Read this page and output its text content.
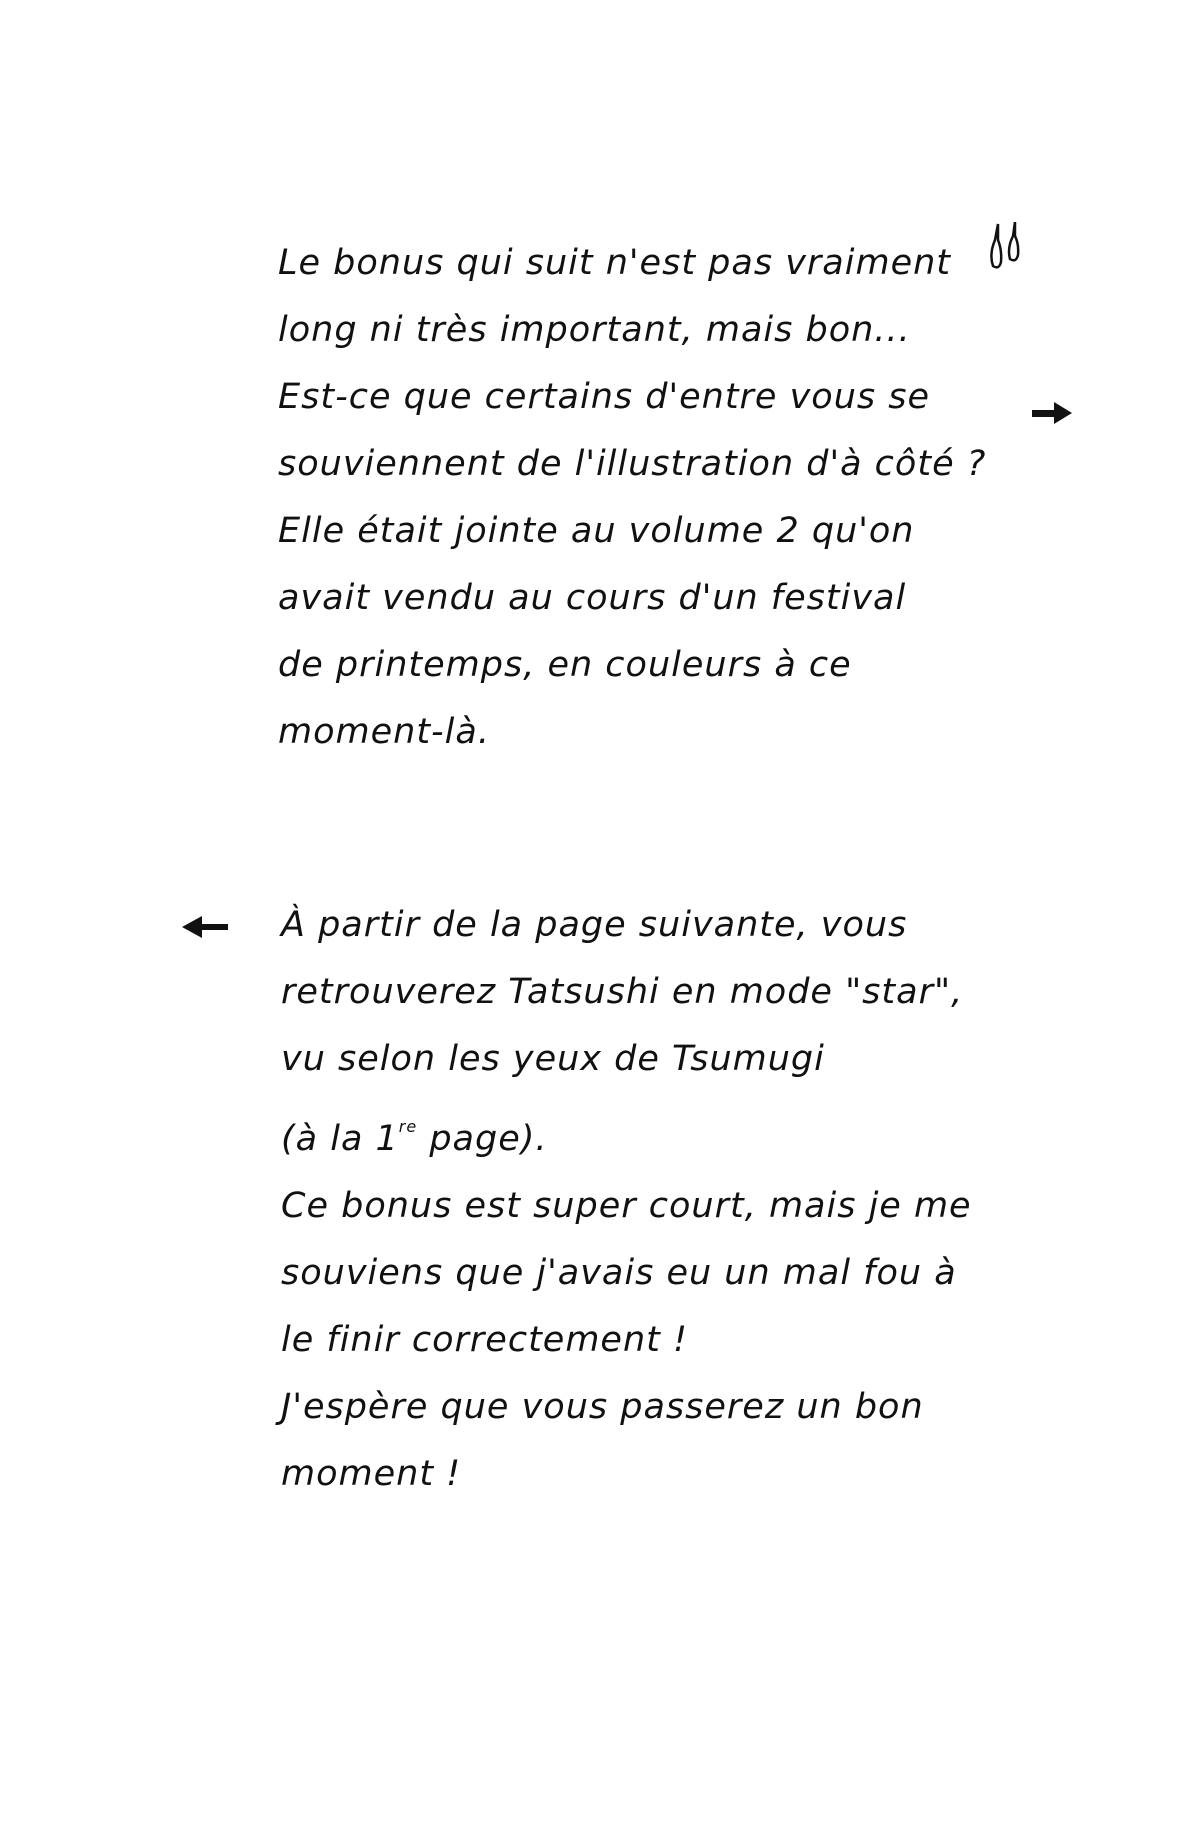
Le bonus qui suit n'est pas vraiment
long ni très important, mais bon...
Est-ce que certains d'entre vous se
souviennent de l'illustration d'à côté ?
Elle était jointe au volume 2 qu'on
avait vendu au cours d'un festival
de printemps, en couleurs à ce
moment-là.
À partir de la page suivante, vous
retrouverez Tatsushi en mode "star",
vu selon les yeux de Tsumugi
(à la 1re page).
Ce bonus est super court, mais je me
souviens que j'avais eu un mal fou à
le finir correctement !
J'espère que vous passerez un bon
moment !
